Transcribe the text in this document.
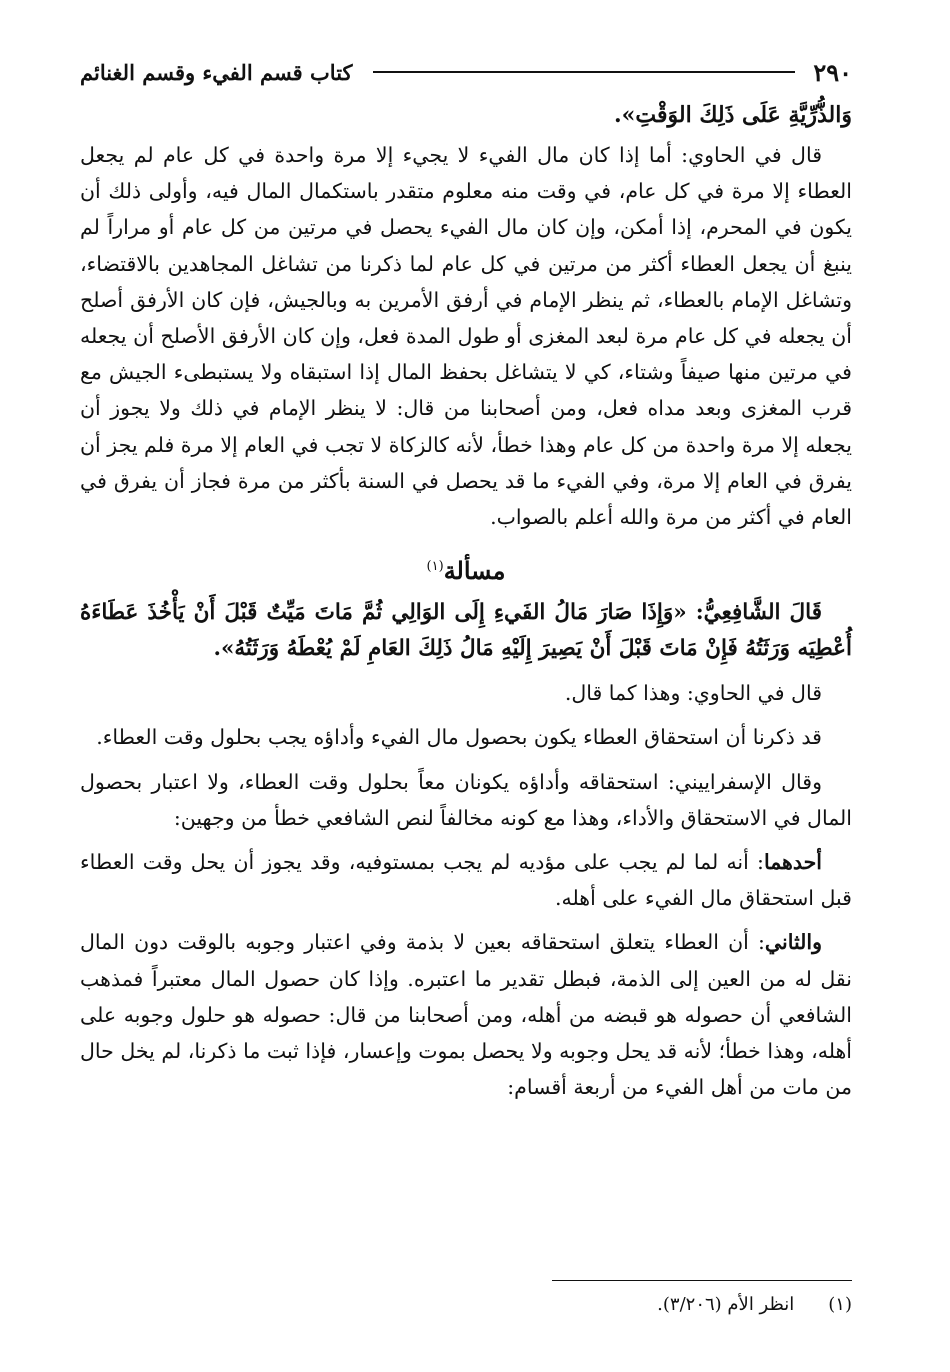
٢٩٠
كتاب قسم الفيء وقسم الغنائم

وَالذُّرِّيَّةِ عَلَى ذَلِكَ الوَقْتِ».

قال في الحاوي: أما إذا كان مال الفيء لا يجيء إلا مرة واحدة في كل عام لم يجعل العطاء إلا مرة في كل عام، في وقت منه معلوم متقدر باستكمال المال فيه، وأولى ذلك أن يكون في المحرم، إذا أمكن، وإن كان مال الفيء يحصل في مرتين من كل عام أو مراراً لم ينبغ أن يجعل العطاء أكثر من مرتين في كل عام لما ذكرنا من تشاغل المجاهدين بالاقتضاء، وتشاغل الإمام بالعطاء، ثم ينظر الإمام في أرفق الأمرين به وبالجيش، فإن كان الأرفق أصلح أن يجعله في كل عام مرة لبعد المغزى أو طول المدة فعل، وإن كان الأرفق الأصلح أن يجعله في مرتين منها صيفاً وشتاء، كي لا يتشاغل بحفظ المال إذا استبقاه ولا يستبطىء الجيش مع قرب المغزى وبعد مداه فعل، ومن أصحابنا من قال: لا ينظر الإمام في ذلك ولا يجوز أن يجعله إلا مرة واحدة من كل عام وهذا خطأ، لأنه كالزكاة لا تجب في العام إلا مرة فلم يجز أن يفرق في العام إلا مرة، وفي الفيء ما قد يحصل في السنة بأكثر من مرة فجاز أن يفرق في العام في أكثر من مرة والله أعلم بالصواب.

مسألة$^{(١)}$

قَالَ الشَّافِعِيُّ: «وَإِذَا صَارَ مَالُ الفَيءِ إِلَى الوَالِي ثُمَّ مَاتَ مَيِّتٌ قَبْلَ أَنْ يَأْخُذَ عَطَاءَهُ أُعْطِيَه وَرَثَتُهُ فَإِنْ مَاتَ قَبْلَ أَنْ يَصِيرَ إِلَيْهِ مَالُ ذَلِكَ العَامِ لَمْ يُعْطَهُ وَرَثَتُهُ».

قال في الحاوي: وهذا كما قال.

قد ذكرنا أن استحقاق العطاء يكون بحصول مال الفيء وأداؤه يجب بحلول وقت العطاء.

وقال الإسفراييني: استحقاقه وأداؤه يكونان معاً بحلول وقت العطاء، ولا اعتبار بحصول المال في الاستحقاق والأداء، وهذا مع كونه مخالفاً لنص الشافعي خطأ من وجهين:

أحدهما: أنه لما لم يجب على مؤديه لم يجب بمستوفيه، وقد يجوز أن يحل وقت العطاء قبل استحقاق مال الفيء على أهله.

والثاني: أن العطاء يتعلق استحقاقه بعين لا بذمة وفي اعتبار وجوبه بالوقت دون المال نقل له من العين إلى الذمة، فبطل تقدير ما اعتبره. وإذا كان حصول المال معتبراً فمذهب الشافعي أن حصوله هو قبضه من أهله، ومن أصحابنا من قال: حصوله هو حلول وجوبه على أهله، وهذا خطأ؛ لأنه قد يحل وجوبه ولا يحصل بموت وإعسار، فإذا ثبت ما ذكرنا، لم يخل حال من مات من أهل الفيء من أربعة أقسام:

(١)انظر الأم (٣/٢٠٦).
